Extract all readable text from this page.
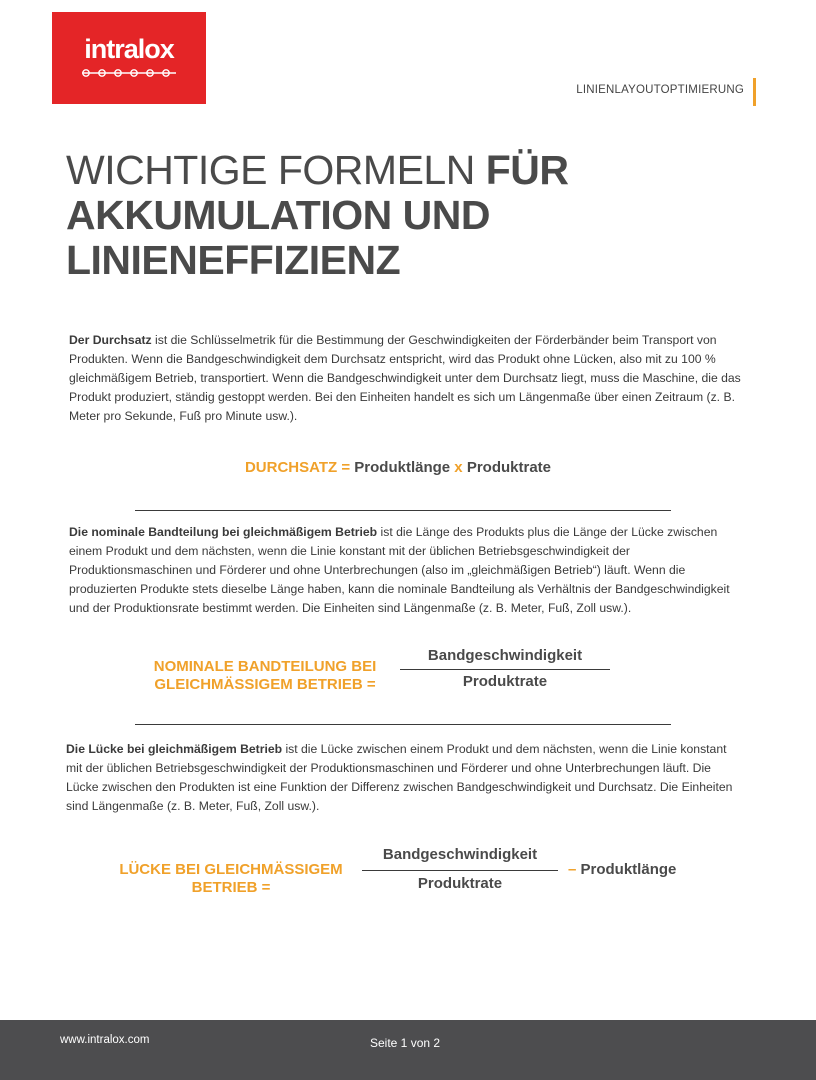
intralox
LINIENLAYOUTOPTIMIERUNG
WICHTIGE FORMELN FÜR
AKKUMULATION UND
LINIENEFFIZIENZ
Der Durchsatz ist die Schlüsselmetrik für die Bestimmung der Geschwindigkeiten der Förderbänder beim Transport von Produkten. Wenn die Bandgeschwindigkeit dem Durchsatz entspricht, wird das Produkt ohne Lücken, also mit zu 100 % gleichmäßigem Betrieb, transportiert. Wenn die Bandgeschwindigkeit unter dem Durchsatz liegt, muss die Maschine, die das Produkt produziert, ständig gestoppt werden. Bei den Einheiten handelt es sich um Längenmaße über einen Zeitraum (z. B. Meter pro Sekunde, Fuß pro Minute usw.).
DURCHSATZ = Produktlänge x Produktrate
Die nominale Bandteilung bei gleichmäßigem Betrieb ist die Länge des Produkts plus die Länge der Lücke zwischen einem Produkt und dem nächsten, wenn die Linie konstant mit der üblichen Betriebsgeschwindigkeit der Produktionsmaschinen und Förderer und ohne Unterbrechungen (also im „gleichmäßigen Betrieb“) läuft. Wenn die produzierten Produkte stets dieselbe Länge haben, kann die nominale Bandteilung als Verhältnis der Bandgeschwindigkeit und der Produktionsrate bestimmt werden. Die Einheiten sind Längenmaße (z. B. Meter, Fuß, Zoll usw.).
NOMINALE BANDTEILUNG BEI
GLEICHMÄSSIGEM BETRIEB =
Bandgeschwindigkeit
Produktrate
Die Lücke bei gleichmäßigem Betrieb ist die Lücke zwischen einem Produkt und dem nächsten, wenn die Linie konstant mit der üblichen Betriebsgeschwindigkeit der Produktionsmaschinen und Förderer und ohne Unterbrechungen läuft. Die Lücke zwischen den Produkten ist eine Funktion der Differenz zwischen Bandgeschwindigkeit und Durchsatz. Die Einheiten sind Längenmaße (z. B. Meter, Fuß, Zoll usw.).
LÜCKE BEI GLEICHMÄSSIGEM
BETRIEB =
Bandgeschwindigkeit
Produktrate
– Produktlänge
www.intralox.com	Seite 1 von 2
